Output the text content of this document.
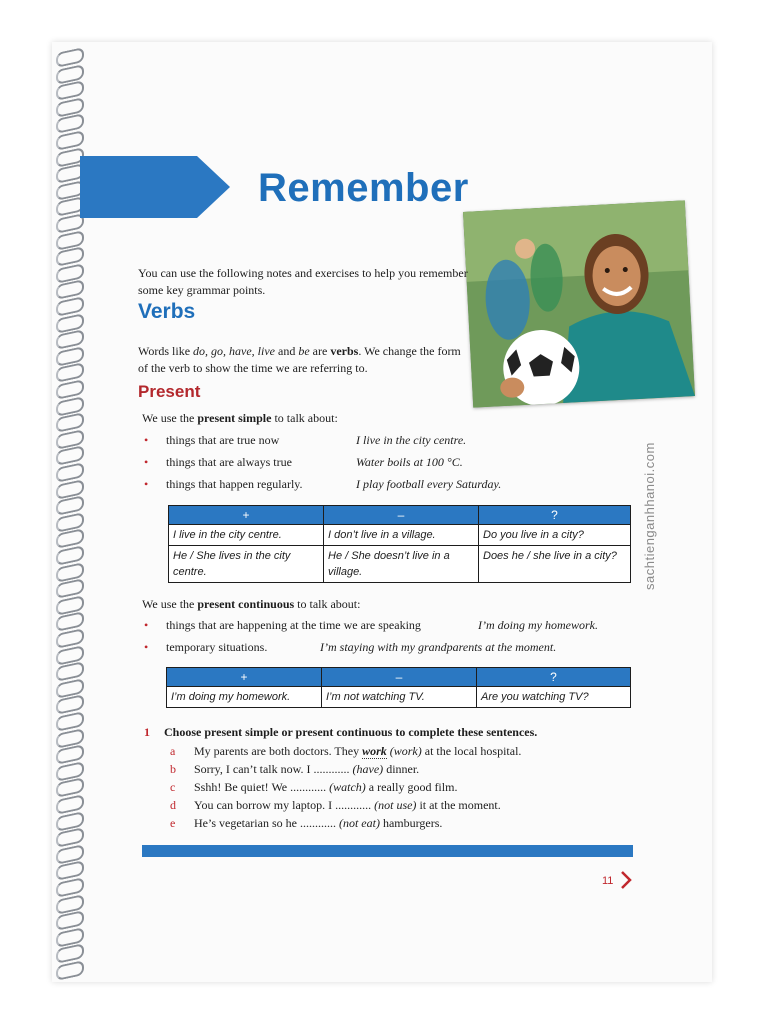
Remember

You can use the following notes and exercises to help you remember some key grammar points.

Verbs

Words like do, go, have, live and be are verbs. We change the form of the verb to show the time we are referring to.

Present
We use the present simple to talk about:
• things that are true now	I live in the city centre.
• things that are always true	Water boils at 100 °C.
• things that happen regularly.	I play football every Saturday.
+	–	?
I live in the city centre.	I don’t live in a village.	Do you live in a city?
He / She lives in the city centre.	He / She doesn’t live in a village.	Does he / she live in a city?
We use the present continuous to talk about:
• things that are happening at the time we are speaking	I’m doing my homework.
• temporary situations.	I’m staying with my grandparents at the moment.
+	–	?
I’m doing my homework.	I’m not watching TV.	Are you watching TV?
1 Choose present simple or present continuous to complete these sentences.
a My parents are both doctors. They work (work) at the local hospital.
b Sorry, I can’t talk now. I ............ (have) dinner.
c Sshh! Be quiet! We ............ (watch) a really good film.
d You can borrow my laptop. I ............ (not use) it at the moment.
e He’s vegetarian so he ............ (not eat) hamburgers.
11
sachtienganhhanoi.com
